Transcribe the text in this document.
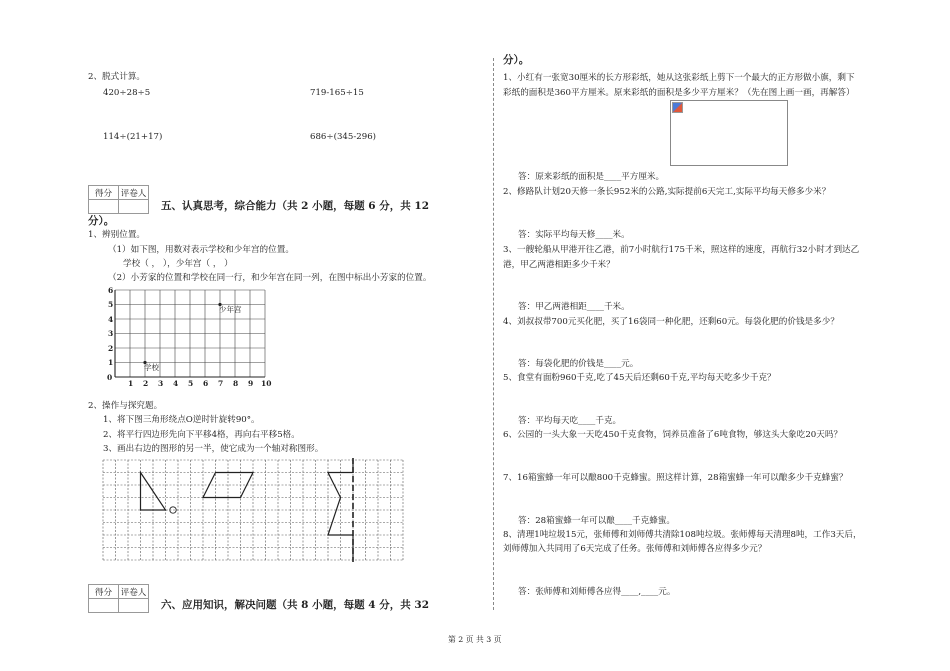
2、脱式计算。
420÷28÷5	719-165÷15
114÷(21+17)	686÷(345-296)
得分	评卷人

五、认真思考，综合能力（共 2 小题，每题 6 分，共 12
分）。
1、辨别位置。
（1）如下图，用数对表示学校和少年宫的位置。
学校（ ， ），少年宫（ ， ）
（2）小芳家的位置和学校在同一行，和少年宫在同一列，在图中标出小芳家的位置。
0
1 2 3 4 5 6 7 8 9 10
1
2
3
4
5
6
学校
少年宫
2、操作与探究题。
1、将下图三角形绕点O逆时针旋转90°。
2、将平行四边形先向下平移4格，再向右平移5格。
3、画出右边的图形的另一半，使它成为一个轴对称图形。
得分	评卷人

六、应用知识，解决问题（共 8 小题，每题 4 分，共 32
分）。
1、小红有一张宽30厘米的长方形彩纸，她从这张彩纸上剪下一个最大的正方形做小旗，剩下
彩纸的面积是360平方厘米。原来彩纸的面积是多少平方厘米？（先在图上画一画，再解答）
答：原来彩纸的面积是____平方厘米。
2、修路队计划20天修一条长952米的公路,实际提前6天完工,实际平均每天修多少米？
答：实际平均每天修____米。
3、一艘轮船从甲港开往乙港，前7小时航行175千米，照这样的速度，再航行32小时才到达乙
港，甲乙两港相距多少千米？
答：甲乙两港相距____千米。
4、刘叔叔带700元买化肥，买了16袋同一种化肥，还剩60元。每袋化肥的价钱是多少？
答：每袋化肥的价钱是____元。
5、食堂有面粉960千克,吃了45天后还剩60千克,平均每天吃多少千克？
答：平均每天吃____千克。
6、公园的一头大象一天吃450千克食物，饲养员准备了6吨食物，够这头大象吃20天吗？
7、16箱蜜蜂一年可以酿800千克蜂蜜。照这样计算，28箱蜜蜂一年可以酿多少千克蜂蜜？
答：28箱蜜蜂一年可以酿____千克蜂蜜。
8、清理1吨垃圾15元，张师傅和刘师傅共清除108吨垃圾。张师傅每天清理8吨，工作3天后，
刘师傅加入共同用了6天完成了任务。张师傅和刘师傅各应得多少元？
答：张师傅和刘师傅各应得____,____元。
第 2 页 共 3 页
